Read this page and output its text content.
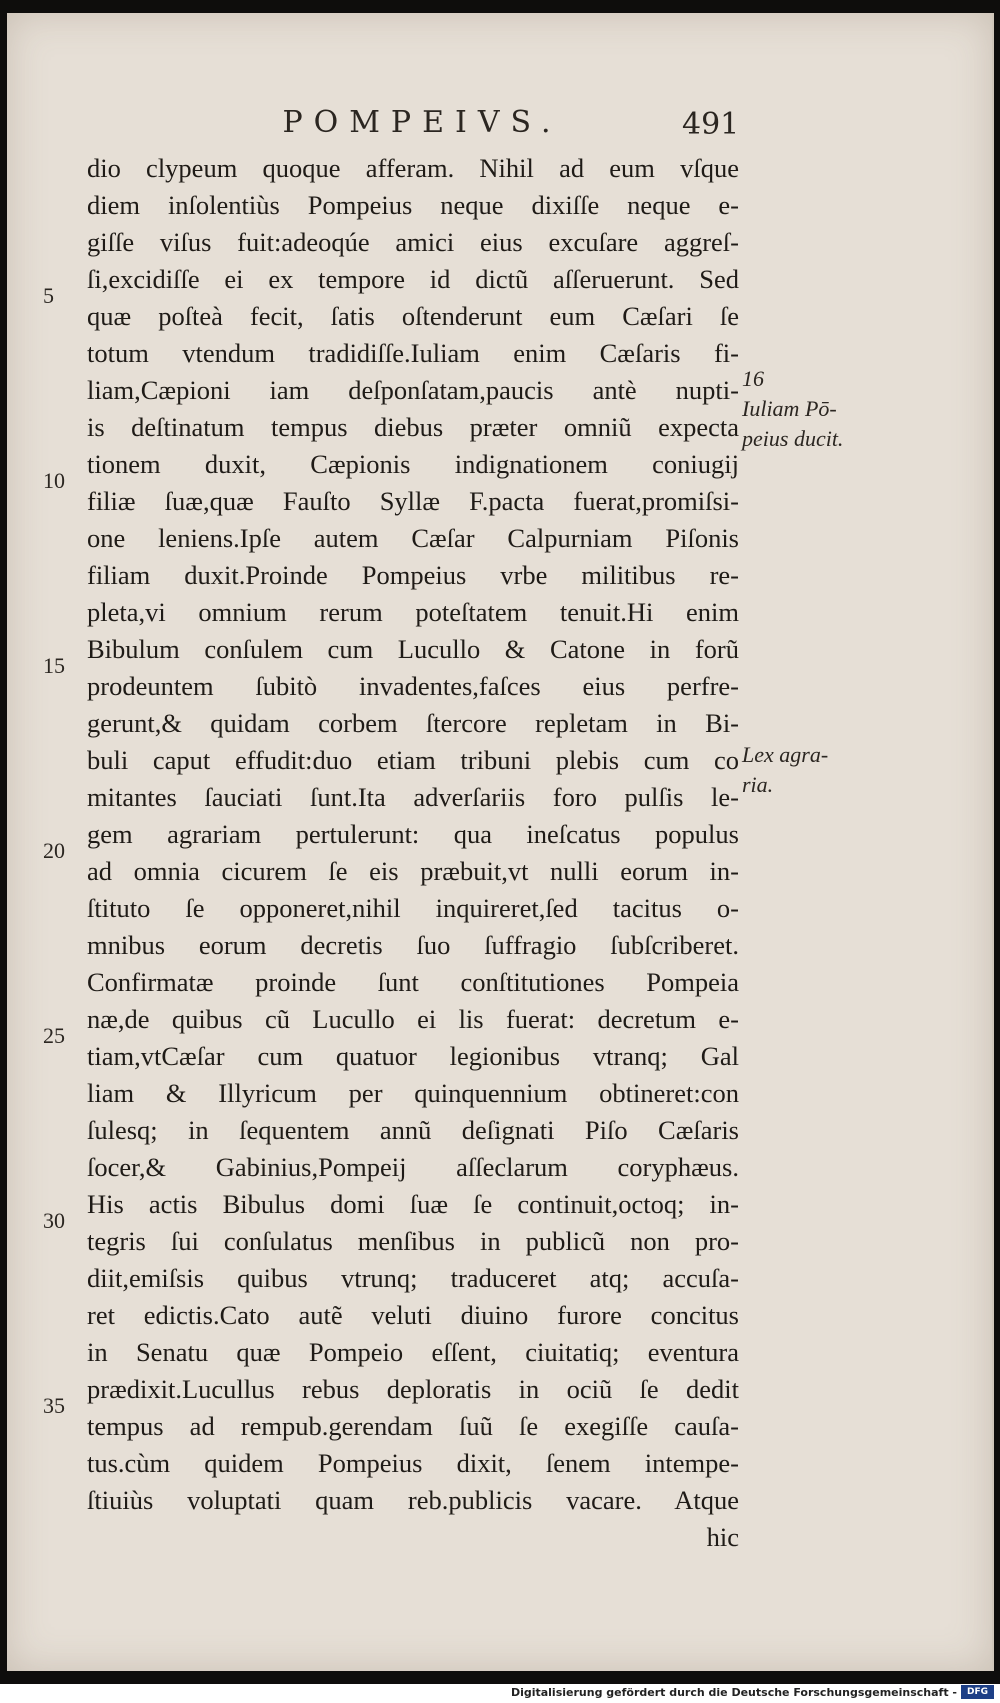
POMPEIVS.	491
dio clypeum quoque afferam. Nihil ad eum vſque
diem inſolentiùs Pompeius neque dixiſſe neque e-
giſſe viſus fuit:adeoqúe amici eius excuſare aggreſ-
ſi,excidiſſe ei ex tempore id dictũ aſſeruerunt. Sed
quæ poſteà fecit, ſatis oſtenderunt eum Cæſari ſe
totum vtendum tradidiſſe.Iuliam enim Cæſaris fi-
liam,Cæpioni iam deſponſatam,paucis antè nupti-
is deſtinatum tempus diebus præter omniũ expecta
tionem duxit, Cæpionis indignationem coniugij
filiæ ſuæ,quæ Fauſto Syllæ F.pacta fuerat,promiſsi-
one leniens.Ipſe autem Cæſar Calpurniam Piſonis
filiam duxit.Proinde Pompeius vrbe militibus re-
pleta,vi omnium rerum poteſtatem tenuit.Hi enim
Bibulum conſulem cum Lucullo & Catone in forũ
prodeuntem ſubitò invadentes,faſces eius perfre-
gerunt,& quidam corbem ſtercore repletam in Bi-
buli caput effudit:duo etiam tribuni plebis cum co
mitantes ſauciati ſunt.Ita adverſariis foro pulſis le-
gem agrariam pertulerunt: qua ineſcatus populus
ad omnia cicurem ſe eis præbuit,vt nulli eorum in-
ſtituto ſe opponeret,nihil inquireret,ſed tacitus o-
mnibus eorum decretis ſuo ſuffragio ſubſcriberet.
Confirmatæ proinde ſunt conſtitutiones Pompeia
næ,de quibus cũ Lucullo ei lis fuerat: decretum e-
tiam,vtCæſar cum quatuor legionibus vtranq; Gal
liam & Illyricum per quinquennium obtineret:con
ſulesq; in ſequentem annũ deſignati Piſo Cæſaris
ſocer,& Gabinius,Pompeij aſſeclarum coryphæus.
His actis Bibulus domi ſuæ ſe continuit,octoq; in-
tegris ſui conſulatus menſibus in publicũ non pro-
diit,emiſsis quibus vtrunq; traduceret atq; accuſa-
ret edictis.Cato autẽ veluti diuino furore concitus
in Senatu quæ Pompeio eſſent, ciuitatiq; eventura
prædixit.Lucullus rebus deploratis in ociũ ſe dedit
tempus ad rempub.gerendam ſuũ ſe exegiſſe cauſa-
tus.cùm quidem Pompeius dixit, ſenem intempe-
ſtiuiùs voluptati quam reb.publicis vacare. Atque
hic
5
10
15
20
25
30
35
16
Iuliam Pō-
peius ducit.
Lex agra-
ria.
Digitalisierung gefördert durch die Deutsche Forschungsgemeinschaft -	DFG
